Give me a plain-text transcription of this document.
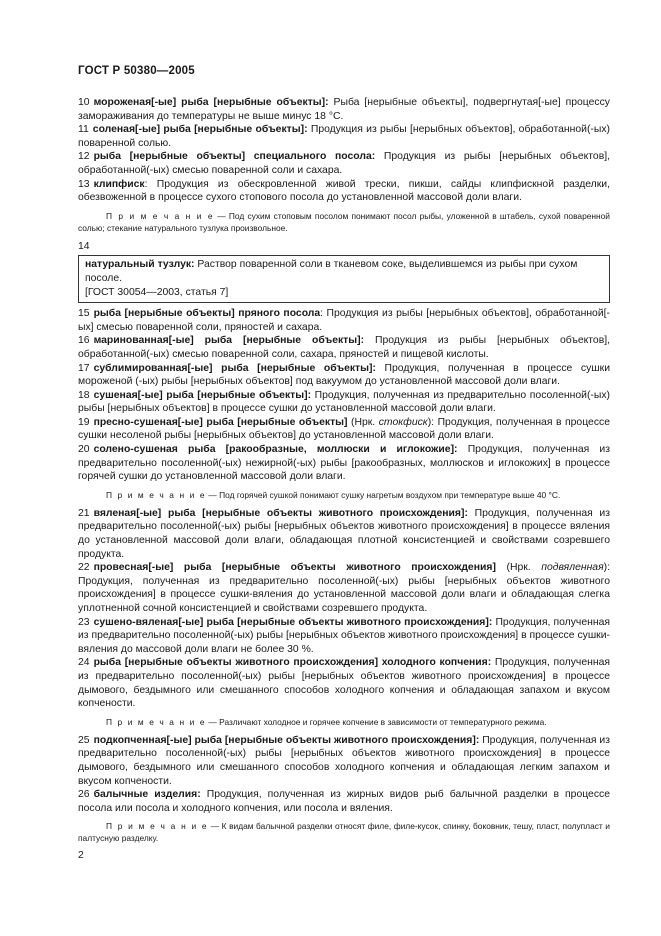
ГОСТ Р 50380—2005
10 мороженая[-ые] рыба [нерыбные объекты]: Рыба [нерыбные объекты], подвергнутая[-ые] процессу замораживания до температуры не выше минус 18 °С.
11 соленая[-ые] рыба [нерыбные объекты]: Продукция из рыбы [нерыбных объектов], обработанной(-ых) поваренной солью.
12 рыба [нерыбные объекты] специального посола: Продукция из рыбы [нерыбных объектов], обработанной(-ых) смесью поваренной соли и сахара.
13 клипфиск: Продукция из обескровленной живой трески, пикши, сайды клипфискной разделки, обезвоженной в процессе сухого стопового посола до установленной массовой доли влаги.
П р и м е ч а н и е — Под сухим стоповым посолом понимают посол рыбы, уложенной в штабель, сухой поваренной солью; стекание натурального тузлука произвольное.
14
натуральный тузлук: Раствор поваренной соли в тканевом соке, выделившемся из рыбы при сухом посоле.
[ГОСТ 30054—2003, статья 7]
15 рыба [нерыбные объекты] пряного посола: Продукция из рыбы [нерыбных объектов], обработанной[-ых] смесью поваренной соли, пряностей и сахара.
16 маринованная[-ые] рыба [нерыбные объекты]: Продукция из рыбы [нерыбных объектов], обработанной(-ых) смесью поваренной соли, сахара, пряностей и пищевой кислоты.
17 сублимированная[-ые] рыба [нерыбные объекты]: Продукция, полученная в процессе сушки мороженой (-ых) рыбы [нерыбных объектов] под вакуумом до установленной массовой доли влаги.
18 сушеная[-ые] рыба [нерыбные объекты]: Продукция, полученная из предварительно посоленной(-ых) рыбы [нерыбных объектов] в процессе сушки до установленной массовой доли влаги.
19 пресно-сушеная[-ые] рыба [нерыбные объекты] (Нрк. стокфиск): Продукция, полученная в процессе сушки несоленой рыбы [нерыбных объектов] до установленной массовой доли влаги.
20 солено-сушеная рыба [ракообразные, моллюски и иглокожие]: Продукция, полученная из предварительно посоленной(-ых) нежирной(-ых) рыбы [ракообразных, моллюсков и иглокожих] в процессе горячей сушки до установленной массовой доли влаги.
П р и м е ч а н и е — Под горячей сушкой понимают сушку нагретым воздухом при температуре выше 40 °С.
21 вяленая[-ые] рыба [нерыбные объекты животного происхождения]: Продукция, полученная из предварительно посоленной(-ых) рыбы [нерыбных объектов животного происхождения] в процессе вяления до установленной массовой доли влаги, обладающая плотной консистенцией и свойствами созревшего продукта.
22 провесная[-ые] рыба [нерыбные объекты животного происхождения] (Нрк. подвяленная): Продукция, полученная из предварительно посоленной(-ых) рыбы [нерыбных объектов животного происхождения] в процессе сушки-вяления до установленной массовой доли влаги и обладающая слегка уплотненной сочной консистенцией и свойствами созревшего продукта.
23 сушено-вяленая[-ые] рыба [нерыбные объекты животного происхождения]: Продукция, полученная из предварительно посоленной(-ых) рыбы [нерыбных объектов животного происхождения] в процессе сушки-вяления до массовой доли влаги не более 30 %.
24 рыба [нерыбные объекты животного происхождения] холодного копчения: Продукция, полученная из предварительно посоленной(-ых) рыбы [нерыбных объектов животного происхождения] в процессе дымового, бездымного или смешанного способов холодного копчения и обладающая запахом и вкусом копчености.
П р и м е ч а н и е — Различают холодное и горячее копчение в зависимости от температурного режима.
25 подкопченная[-ые] рыба [нерыбные объекты животного происхождения]: Продукция, полученная из предварительно посоленной(-ых) рыбы [нерыбных объектов животного происхождения] в процессе дымового, бездымного или смешанного способов холодного копчения и обладающая легким запахом и вкусом копчености.
26 балычные изделия: Продукция, полученная из жирных видов рыб балычной разделки в процессе посола или посола и холодного копчения, или посола и вяления.
П р и м е ч а н и е — К видам балычной разделки относят филе, филе-кусок, спинку, боковник, тешу, пласт, полупласт и палтусную разделку.
2
